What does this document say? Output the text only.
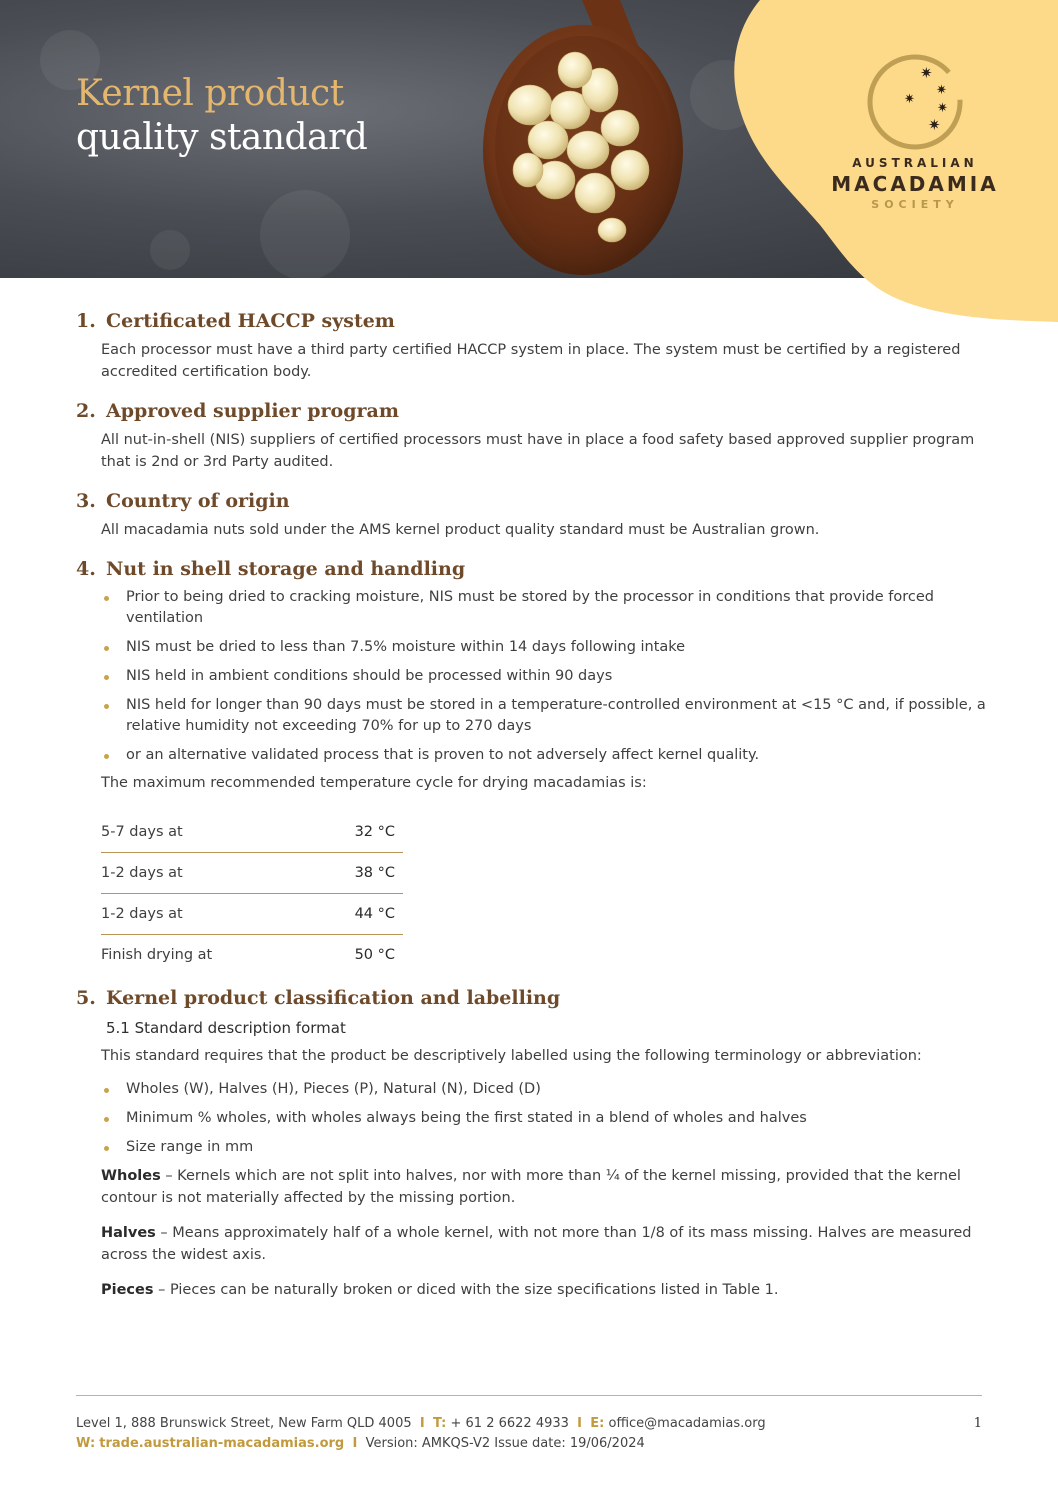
✷
✷
✷
✷
✷
AUSTRALIAN
MACADAMIA
SOCIETY
Kernel product
quality standard
1. Certificated HACCP system

Each processor must have a third party certified HACCP system in place. The system must be certified by a registered accredited certification body.

2. Approved supplier program

All nut-in-shell (NIS) suppliers of certified processors must have in place a food safety based approved supplier program that is 2nd or 3rd Party audited.

3. Country of origin

All macadamia nuts sold under the AMS kernel product quality standard must be Australian grown.

4. Nut in shell storage and handling
Prior to being dried to cracking moisture, NIS must be stored by the processor in conditions that provide forced ventilation
NIS must be dried to less than 7.5% moisture within 14 days following intake
NIS held in ambient conditions should be processed within 90 days
NIS held for longer than 90 days must be stored in a temperature-controlled environment at <15 °C and, if possible, a relative humidity not exceeding 70% for up to 270 days
or an alternative validated process that is proven to not adversely affect kernel quality.

The maximum recommended temperature cycle for drying macadamias is:

5-7 days at	32 °C
1-2 days at	38 °C
1-2 days at	44 °C
Finish drying at	50 °C
5. Kernel product classification and labelling

5.1 Standard description format

This standard requires that the product be descriptively labelled using the following terminology or abbreviation:

Wholes (W), Halves (H), Pieces (P), Natural (N), Diced (D)
Minimum % wholes, with wholes always being the first stated in a blend of wholes and halves
Size range in mm

Wholes – Kernels which are not split into halves, nor with more than ¼ of the kernel missing, provided that the kernel contour is not materially affected by the missing portion.

Halves – Means approximately half of a whole kernel, with not more than 1/8 of its mass missing. Halves are measured across the widest axis.

Pieces – Pieces can be naturally broken or diced with the size specifications listed in Table 1.

Level 1, 888 Brunswick Street, New Farm QLD 4005 I T: + 61 2 6622 4933 I E: office@macadamias.org
W: trade.australian-macadamias.org I Version: AMKQS-V2 Issue date: 19/06/2024
1
